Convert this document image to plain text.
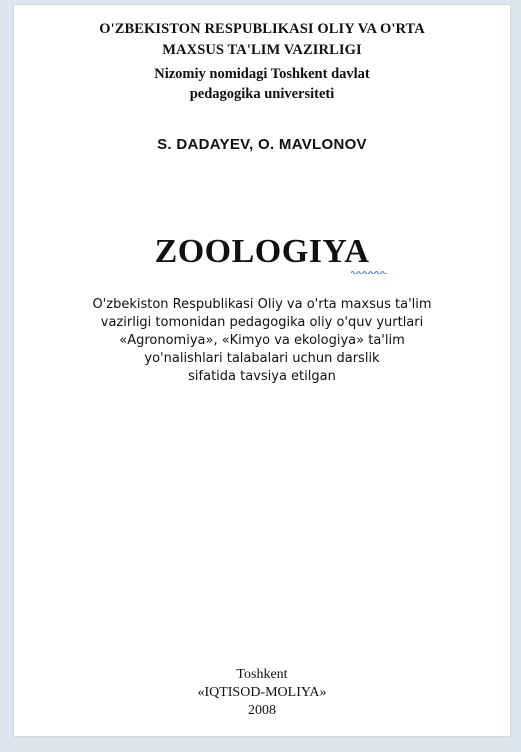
O'ZBEKISTON RESPUBLIKASI OLIY VA O'RTA
MAXSUS TA'LIM VAZIRLIGI
Nizomiy nomidagi Toshkent davlat
pedagogika universiteti
S. DADAYEV, O. MAVLONOV
ZOOLOGIYA
O'zbekiston Respublikasi Oliy va o'rta maxsus ta'lim
vazirligi tomonidan pedagogika oliy o'quv yurtlari
«Agronomiya», «Kimyo va ekologiya» ta'lim
yo'nalishlari talabalari uchun darslik
sifatida tavsiya etilgan
Toshkent
«IQTISOD-MOLIYA»
2008
